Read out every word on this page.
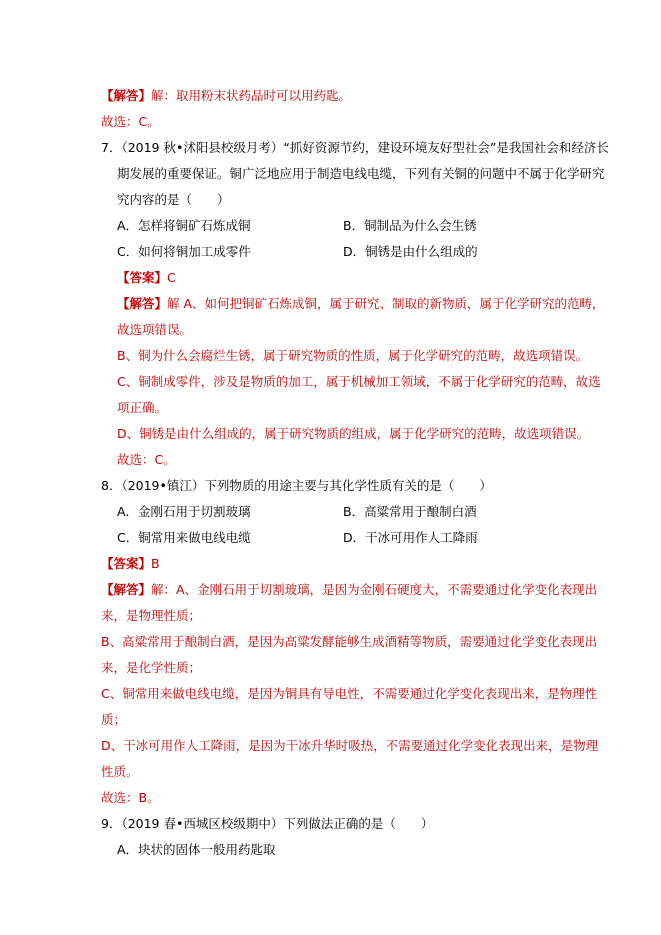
【解答】解：取用粉末状药品时可以用药匙。
故选：C。
7．（2019 秋•沭阳县校级月考）“抓好资源节约，建设环境友好型社会”是我国社会和经济长
期发展的重要保证。铜广泛地应用于制造电线电缆，下列有关铜的问题中不属于化学研究
究内容的是（　　）
A．怎样将铜矿石炼成铜	B．铜制品为什么会生锈
C．如何将铜加工成零件	D．铜锈是由什么组成的
【答案】C
【解答】解 A、如何把铜矿石炼成铜，属于研究、制取的新物质，属于化学研究的范畴，
故选项错误。
B、铜为什么会腐烂生锈，属于研究物质的性质，属于化学研究的范畴，故选项错误。
C、铜制成零件，涉及是物质的加工，属于机械加工领域，不属于化学研究的范畴，故选
项正确。
D、铜锈是由什么组成的，属于研究物质的组成，属于化学研究的范畴，故选项错误。
故选：C。
8．（2019•镇江）下列物质的用途主要与其化学性质有关的是（　　）
A．金刚石用于切割玻璃	B．高粱常用于酿制白酒
C．铜常用来做电线电缆	D．干冰可用作人工降雨
【答案】B
【解答】解：A、金刚石用于切割玻璃，是因为金刚石硬度大，不需要通过化学变化表现出
来，是物理性质；
B、高粱常用于酿制白酒，是因为高粱发酵能够生成酒精等物质，需要通过化学变化表现出
来，是化学性质；
C、铜常用来做电线电缆，是因为铜具有导电性，不需要通过化学变化表现出来，是物理性
质；
D、干冰可用作人工降雨，是因为干冰升华时吸热，不需要通过化学变化表现出来，是物理
性质。
故选：B。
9．（2019 春•西城区校级期中）下列做法正确的是（　　）
A．块状的固体一般用药匙取
